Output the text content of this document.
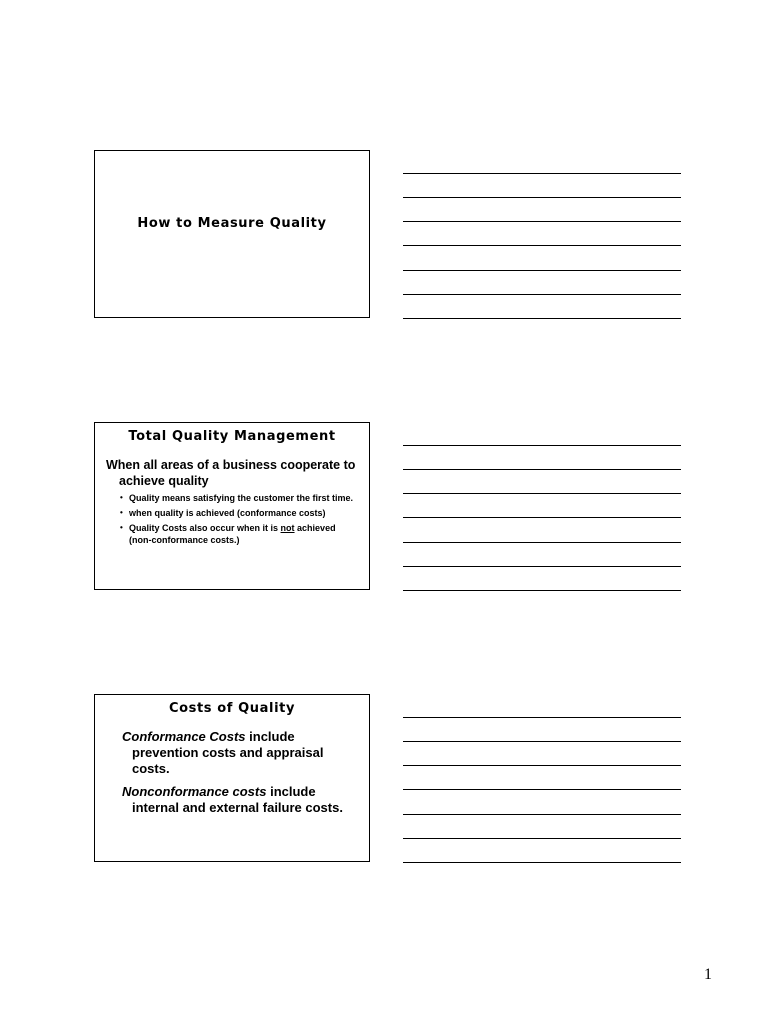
How to Measure Quality
Total Quality Management

When all areas of a business cooperate to achieve quality

• Quality means satisfying the customer the first time.
• when quality is achieved (conformance costs)
• Quality Costs also occur when it is not achieved (non-conformance costs.)
Costs of Quality

Conformance Costs include prevention costs and appraisal costs.

Nonconformance costs include internal and external failure costs.

1
